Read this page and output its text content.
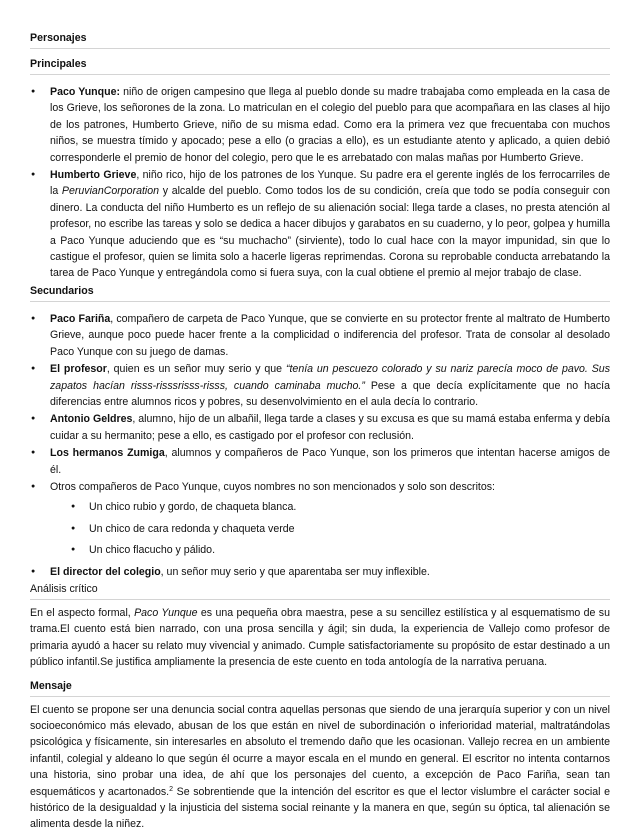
Personajes
Principales
● Paco Yunque: niño de origen campesino que llega al pueblo donde su madre trabajaba como empleada en la casa de los Grieve, los señorones de la zona. Lo matriculan en el colegio del pueblo para que acompañara en las clases al hijo de los patrones, Humberto Grieve, niño de su misma edad. Como era la primera vez que frecuentaba con muchos niños, se muestra tímido y apocado; pese a ello (o gracias a ello), es un estudiante atento y aplicado, a quien debió corresponderle el premio de honor del colegio, pero que le es arrebatado con malas mañas por Humberto Grieve.
● Humberto Grieve, niño rico, hijo de los patrones de los Yunque. Su padre era el gerente inglés de los ferrocarriles de la PeruvianCorporation y alcalde del pueblo. Como todos los de su condición, creía que todo se podía conseguir con dinero. La conducta del niño Humberto es un reflejo de su alienación social: llega tarde a clases, no presta atención al profesor, no escribe las tareas y solo se dedica a hacer dibujos y garabatos en su cuaderno, y lo peor, golpea y humilla a Paco Yunque aduciendo que es “su muchacho” (sirviente), todo lo cual hace con la mayor impunidad, sin que lo castigue el profesor, quien se limita solo a hacerle ligeras reprimendas. Corona su reprobable conducta arrebatando la tarea de Paco Yunque y entregándola como si fuera suya, con la cual obtiene el premio al mejor trabajo de clase.
Secundarios
● Paco Fariña, compañero de carpeta de Paco Yunque, que se convierte en su protector frente al maltrato de Humberto Grieve, aunque poco puede hacer frente a la complicidad o indiferencia del profesor. Trata de consolar al desolado Paco Yunque con su juego de damas.
● El profesor, quien es un señor muy serio y que “tenía un pescuezo colorado y su nariz parecía moco de pavo. Sus zapatos hacían risss-risssrisss-risss, cuando caminaba mucho.” Pese a que decía explícitamente que no hacía diferencias entre alumnos ricos y pobres, su desenvolvimiento en el aula decía lo contrario.
● Antonio Geldres, alumno, hijo de un albañil, llega tarde a clases y su excusa es que su mamá estaba enferma y debía cuidar a su hermanito; pese a ello, es castigado por el profesor con reclusión.
● Los hermanos Zumiga, alumnos y compañeros de Paco Yunque, son los primeros que intentan hacerse amigos de él.
● Otros compañeros de Paco Yunque, cuyos nombres no son mencionados y solo son descritos:
● Un chico rubio y gordo, de chaqueta blanca.
● Un chico de cara redonda y chaqueta verde
● Un chico flacucho y pálido.
● El director del colegio, un señor muy serio y que aparentaba ser muy inflexible.
Análisis crítico
En el aspecto formal, Paco Yunque es una pequeña obra maestra, pese a su sencillez estilística y al esquematismo de su trama.El cuento está bien narrado, con una prosa sencilla y ágil; sin duda, la experiencia de Vallejo como profesor de primaria ayudó a hacer su relato muy vivencial y animado. Cumple satisfactoriamente su propósito de estar destinado a un público infantil.Se justifica ampliamente la presencia de este cuento en toda antología de la narrativa peruana.
Mensaje
El cuento se propone ser una denuncia social contra aquellas personas que siendo de una jerarquía superior y con un nivel socioeconómico más elevado, abusan de los que están en nivel de subordinación o inferioridad material, maltratándolas psicológica y físicamente, sin interesarles en absoluto el tremendo daño que les ocasionan. Vallejo recrea en un ambiente infantil, colegial y aldeano lo que según él ocurre a mayor escala en el mundo en general. El escritor no intenta contarnos una historia, sino probar una idea, de ahí que los personajes del cuento, a excepción de Paco Fariña, sean tan esquemáticos y acartonados.$^2$ Se sobrentiende que la intención del escritor es que el lector vislumbre el carácter social e histórico de la desigualdad y la injusticia del sistema social reinante y la manera en que, según su óptica, tal alienación se alimenta desde la niñez.
